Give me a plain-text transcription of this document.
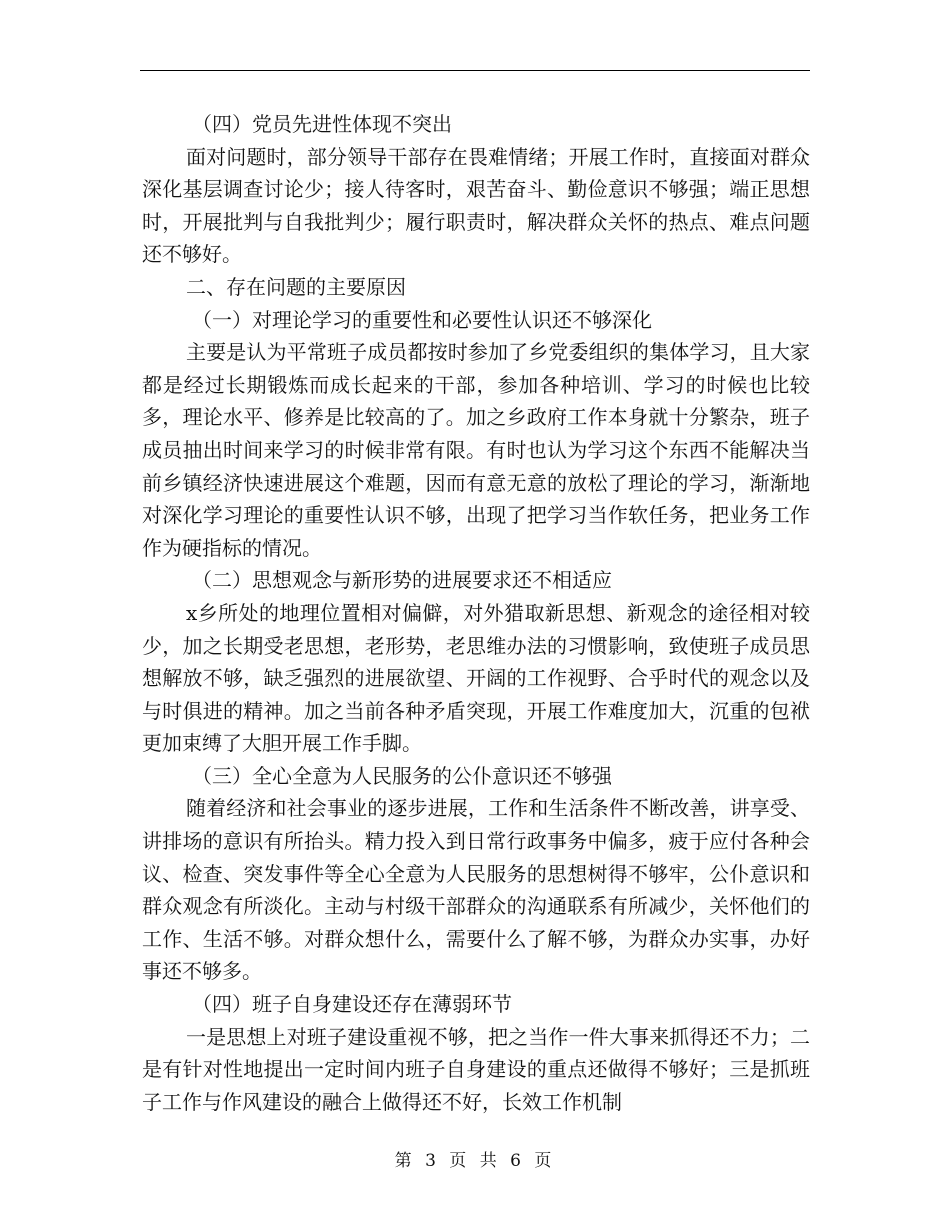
（四）党员先进性体现不突出

面对问题时，部分领导干部存在畏难情绪；开展工作时，直接面对群众深化基层调查讨论少；接人待客时，艰苦奋斗、勤俭意识不够强；端正思想时，开展批判与自我批判少；履行职责时，解决群众关怀的热点、难点问题还不够好。

二、存在问题的主要原因

（一）对理论学习的重要性和必要性认识还不够深化

主要是认为平常班子成员都按时参加了乡党委组织的集体学习，且大家都是经过长期锻炼而成长起来的干部，参加各种培训、学习的时候也比较多，理论水平、修养是比较高的了。加之乡政府工作本身就十分繁杂，班子成员抽出时间来学习的时候非常有限。有时也认为学习这个东西不能解决当前乡镇经济快速进展这个难题，因而有意无意的放松了理论的学习，渐渐地对深化学习理论的重要性认识不够，出现了把学习当作软任务，把业务工作作为硬指标的情况。

（二）思想观念与新形势的进展要求还不相适应

x乡所处的地理位置相对偏僻，对外猎取新思想、新观念的途径相对较少，加之长期受老思想，老形势，老思维办法的习惯影响，致使班子成员思想解放不够，缺乏强烈的进展欲望、开阔的工作视野、合乎时代的观念以及与时俱进的精神。加之当前各种矛盾突现，开展工作难度加大，沉重的包袱更加束缚了大胆开展工作手脚。

（三）全心全意为人民服务的公仆意识还不够强

随着经济和社会事业的逐步进展，工作和生活条件不断改善，讲享受、讲排场的意识有所抬头。精力投入到日常行政事务中偏多，疲于应付各种会议、检查、突发事件等全心全意为人民服务的思想树得不够牢，公仆意识和群众观念有所淡化。主动与村级干部群众的沟通联系有所减少，关怀他们的工作、生活不够。对群众想什么，需要什么了解不够，为群众办实事，办好事还不够多。

（四）班子自身建设还存在薄弱环节

一是思想上对班子建设重视不够，把之当作一件大事来抓得还不力；二是有针对性地提出一定时间内班子自身建设的重点还做得不够好；三是抓班子工作与作风建设的融合上做得还不好，长效工作机制

第 3 页 共 6 页
